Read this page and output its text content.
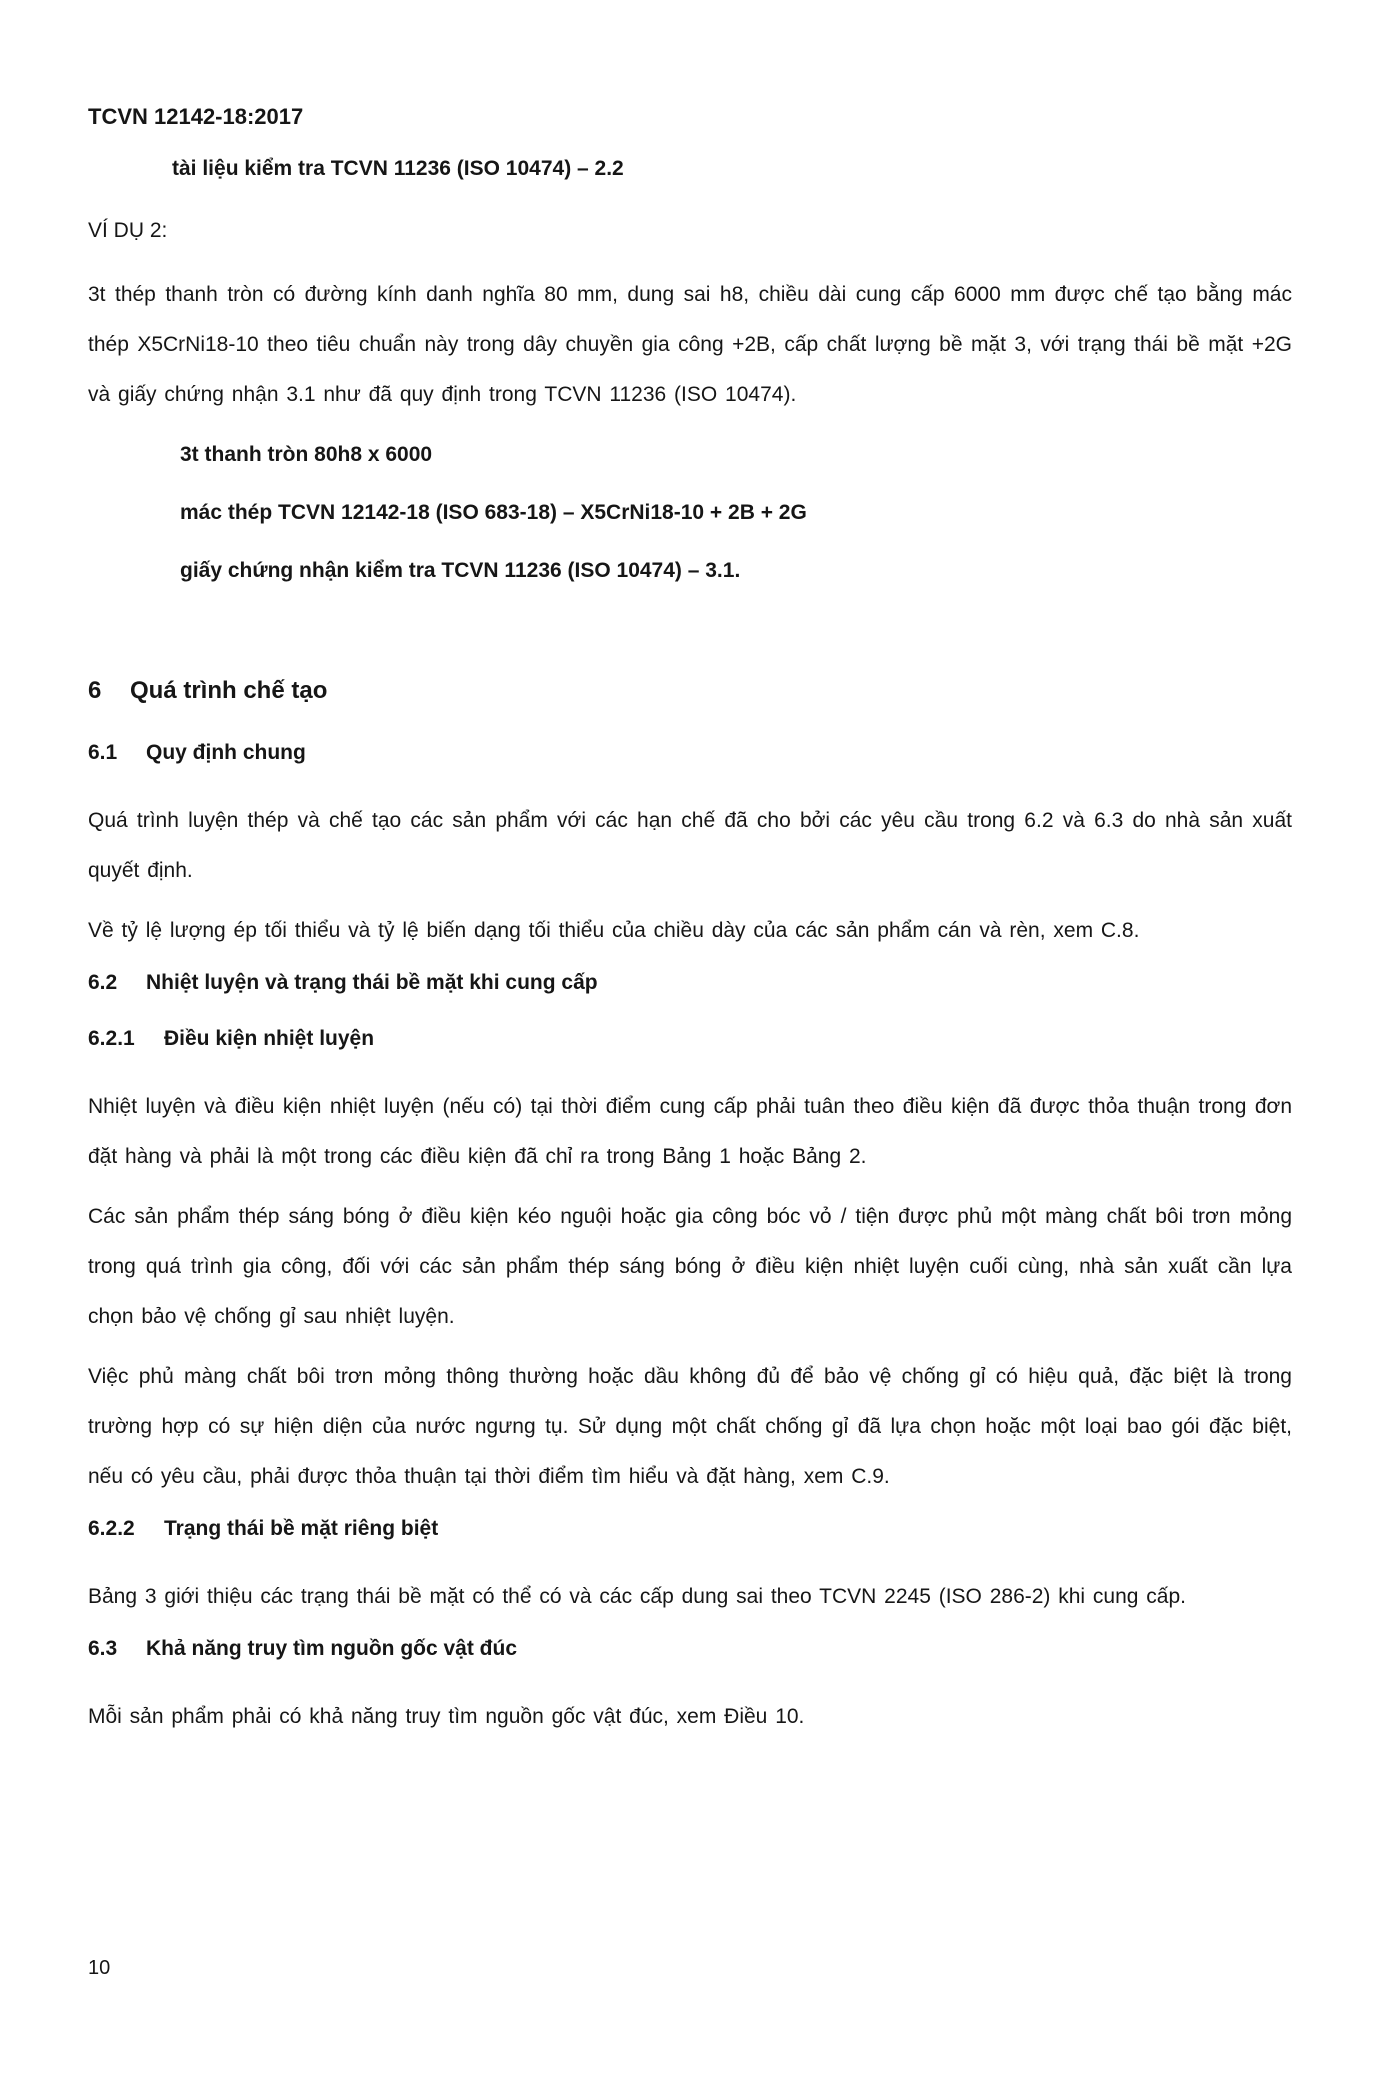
TCVN 12142-18:2017
tài liệu kiểm tra TCVN 11236 (ISO 10474) – 2.2
VÍ DỤ 2:

3t thép thanh tròn có đường kính danh nghĩa 80 mm, dung sai h8, chiều dài cung cấp 6000 mm được chế tạo bằng mác thép X5CrNi18-10 theo tiêu chuẩn này trong dây chuyền gia công +2B, cấp chất lượng bề mặt 3, với trạng thái bề mặt +2G và giấy chứng nhận 3.1 như đã quy định trong TCVN 11236 (ISO 10474).

3t thanh tròn 80h8 x 6000
mác thép TCVN 12142-18 (ISO 683-18) – X5CrNi18-10 + 2B + 2G
giấy chứng nhận kiểm tra TCVN 11236 (ISO 10474) – 3.1.
6 Quá trình chế tạo
6.1 Quy định chung

Quá trình luyện thép và chế tạo các sản phẩm với các hạn chế đã cho bởi các yêu cầu trong 6.2 và 6.3 do nhà sản xuất quyết định.

Về tỷ lệ lượng ép tối thiểu và tỷ lệ biến dạng tối thiểu của chiều dày của các sản phẩm cán và rèn, xem C.8.

6.2 Nhiệt luyện và trạng thái bề mặt khi cung cấp
6.2.1 Điều kiện nhiệt luyện

Nhiệt luyện và điều kiện nhiệt luyện (nếu có) tại thời điểm cung cấp phải tuân theo điều kiện đã được thỏa thuận trong đơn đặt hàng và phải là một trong các điều kiện đã chỉ ra trong Bảng 1 hoặc Bảng 2.

Các sản phẩm thép sáng bóng ở điều kiện kéo nguội hoặc gia công bóc vỏ / tiện được phủ một màng chất bôi trơn mỏng trong quá trình gia công, đối với các sản phẩm thép sáng bóng ở điều kiện nhiệt luyện cuối cùng, nhà sản xuất cần lựa chọn bảo vệ chống gỉ sau nhiệt luyện.

Việc phủ màng chất bôi trơn mỏng thông thường hoặc dầu không đủ để bảo vệ chống gỉ có hiệu quả, đặc biệt là trong trường hợp có sự hiện diện của nước ngưng tụ. Sử dụng một chất chống gỉ đã lựa chọn hoặc một loại bao gói đặc biệt, nếu có yêu cầu, phải được thỏa thuận tại thời điểm tìm hiểu và đặt hàng, xem C.9.

6.2.2 Trạng thái bề mặt riêng biệt

Bảng 3 giới thiệu các trạng thái bề mặt có thể có và các cấp dung sai theo TCVN 2245 (ISO 286-2) khi cung cấp.

6.3 Khả năng truy tìm nguồn gốc vật đúc

Mỗi sản phẩm phải có khả năng truy tìm nguồn gốc vật đúc, xem Điều 10.

10
